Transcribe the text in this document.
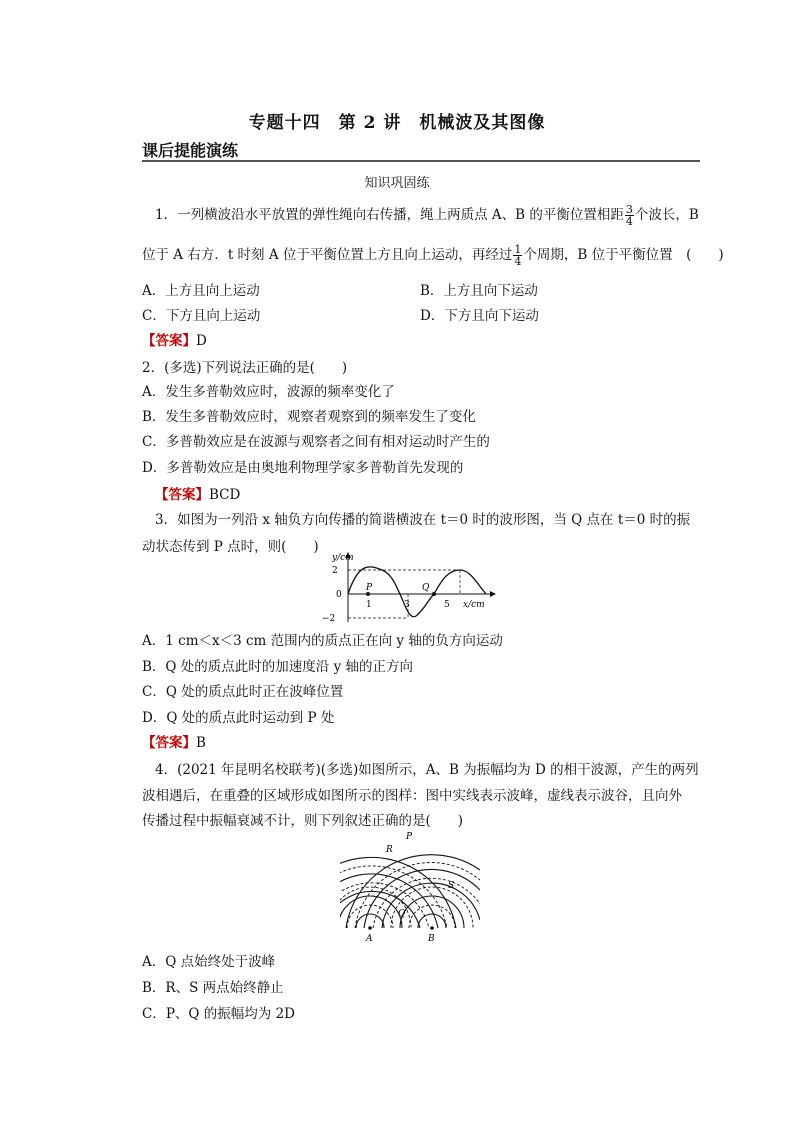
专题十四　第 2 讲　机械波及其图像
课后提能演练
知识巩固练
1．一列横波沿水平放置的弹性绳向右传播，绳上两质点 A、B 的平衡位置相距 $\frac{3}{4}$ 个波长，B
位于 A 右方．t 时刻 A 位于平衡位置上方且向上运动，再经过 $\frac{1}{4}$ 个周期，B 位于平衡位置　(　　)
A．上方且向上运动	B．上方且向下运动
C．下方且向上运动	D．下方且向下运动
【答案】D
2．(多选)下列说法正确的是(　　)
A．发生多普勒效应时，波源的频率变化了
B．发生多普勒效应时，观察者观察到的频率发生了变化
C．多普勒效应是在波源与观察者之间有相对运动时产生的
D．多普勒效应是由奥地利物理学家多普勒首先发现的
【答案】BCD
3．如图为一列沿 x 轴负方向传播的简谐横波在 t＝0 时的波形图，当 Q 点在 t＝0 时的振
动状态传到 P 点时，则(　　)
y/cm
2
0
−2
1	3	5 x/cm
P	Q
A．1 cm＜x＜3 cm 范围内的质点正在向 y 轴的负方向运动
B．Q 处的质点此时的加速度沿 y 轴的正方向
C．Q 处的质点此时正在波峰位置
D．Q 处的质点此时运动到 P 处
【答案】B
4．(2021 年昆明名校联考)(多选)如图所示，A、B 为振幅均为 D 的相干波源，产生的两列
波相遇后，在重叠的区域形成如图所示的图样：图中实线表示波峰，虚线表示波谷，且向外
传播过程中振幅衰减不计，则下列叙述正确的是(　　)
A	B
P
R
S
Q
A．Q 点始终处于波峰
B．R、S 两点始终静止
C．P、Q 的振幅均为 2D
